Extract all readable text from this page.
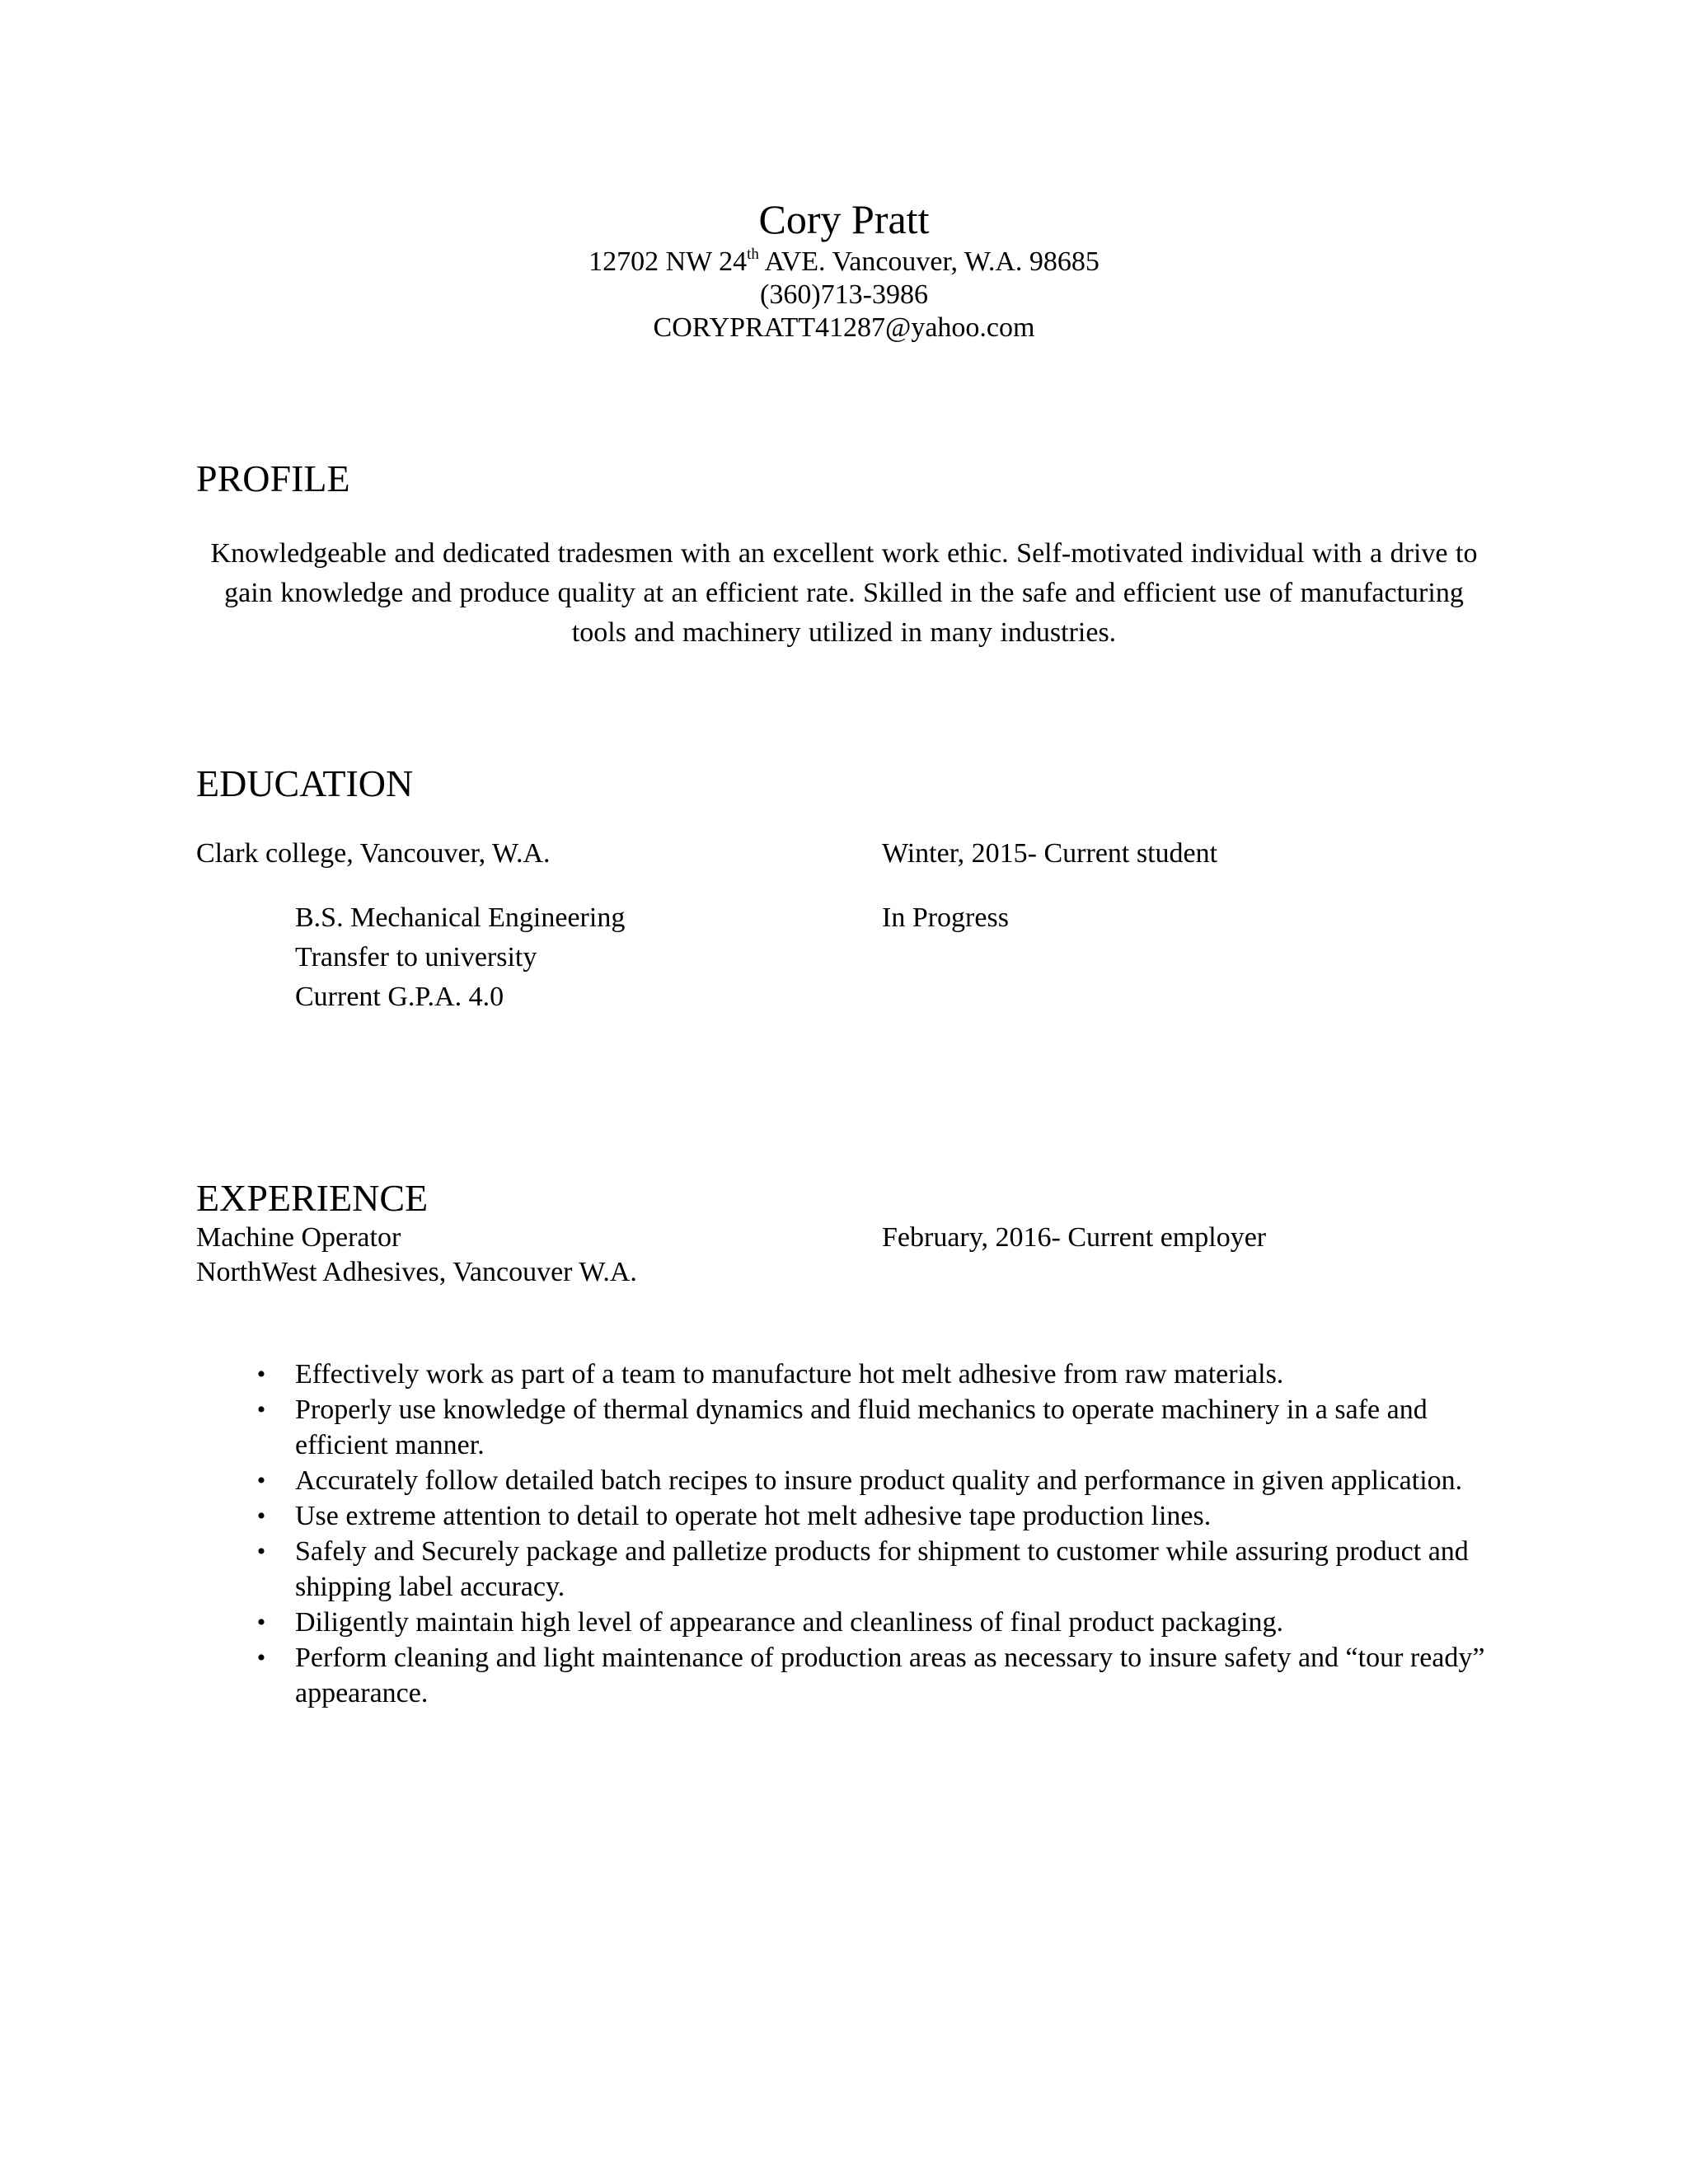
Cory Pratt
12702 NW 24th AVE. Vancouver, W.A. 98685
(360)713-3986
CORYPRATT41287@yahoo.com
PROFILE
Knowledgeable and dedicated tradesmen with an excellent work ethic. Self-motivated individual with a drive to gain knowledge and produce quality at an efficient rate. Skilled in the safe and efficient use of manufacturing tools and machinery utilized in many industries.
EDUCATION
Clark college, Vancouver, W.A.	Winter, 2015- Current student
B.S. Mechanical Engineering	In Progress
Transfer to university
Current G.P.A. 4.0
EXPERIENCE
Machine Operator	February, 2016- Current employer
NorthWest Adhesives, Vancouver W.A.
• Effectively work as part of a team to manufacture hot melt adhesive from raw materials.
• Properly use knowledge of thermal dynamics and fluid mechanics to operate machinery in a safe and efficient manner.
• Accurately follow detailed batch recipes to insure product quality and performance in given application.
• Use extreme attention to detail to operate hot melt adhesive tape production lines.
• Safely and Securely package and palletize products for shipment to customer while assuring product and shipping label accuracy.
• Diligently maintain high level of appearance and cleanliness of final product packaging.
• Perform cleaning and light maintenance of production areas as necessary to insure safety and “tour ready” appearance.
